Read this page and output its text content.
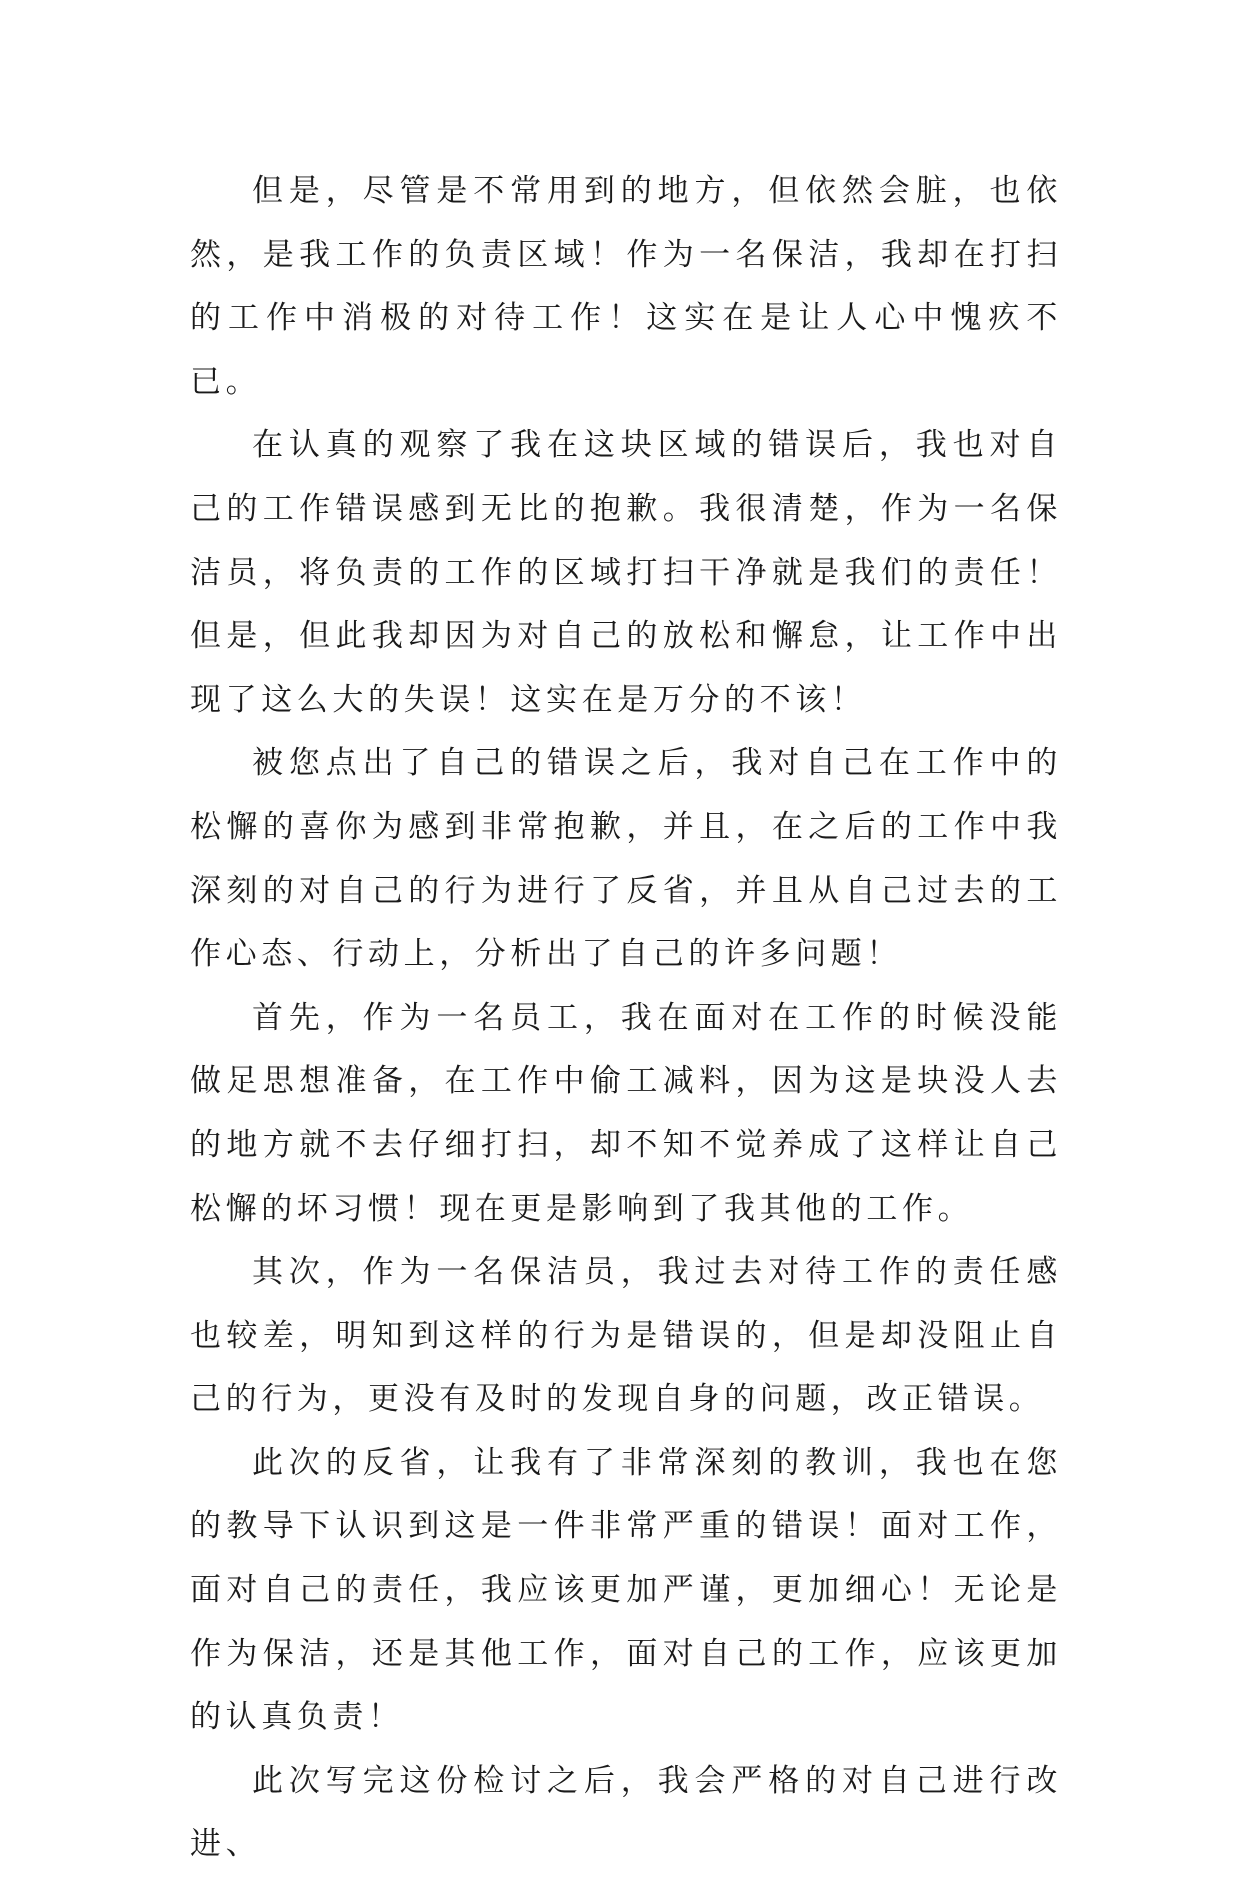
但是，尽管是不常用到的地方，但依然会脏，也依然，是我工作的负责区域！作为一名保洁，我却在打扫的工作中消极的对待工作！这实在是让人心中愧疚不已。

在认真的观察了我在这块区域的错误后，我也对自己的工作错误感到无比的抱歉。我很清楚，作为一名保洁员，将负责的工作的区域打扫干净就是我们的责任！但是，但此我却因为对自己的放松和懈怠，让工作中出现了这么大的失误！这实在是万分的不该！

被您点出了自己的错误之后，我对自己在工作中的松懈的喜你为感到非常抱歉，并且，在之后的工作中我深刻的对自己的行为进行了反省，并且从自己过去的工作心态、行动上，分析出了自己的许多问题！

首先，作为一名员工，我在面对在工作的时候没能做足思想准备，在工作中偷工减料，因为这是块没人去的地方就不去仔细打扫，却不知不觉养成了这样让自己松懈的坏习惯！现在更是影响到了我其他的工作。

其次，作为一名保洁员，我过去对待工作的责任感也较差，明知到这样的行为是错误的，但是却没阻止自己的行为，更没有及时的发现自身的问题，改正错误。

此次的反省，让我有了非常深刻的教训，我也在您的教导下认识到这是一件非常严重的错误！面对工作，面对自己的责任，我应该更加严谨，更加细心！无论是作为保洁，还是其他工作，面对自己的工作，应该更加的认真负责！

此次写完这份检讨之后，我会严格的对自己进行改进、
